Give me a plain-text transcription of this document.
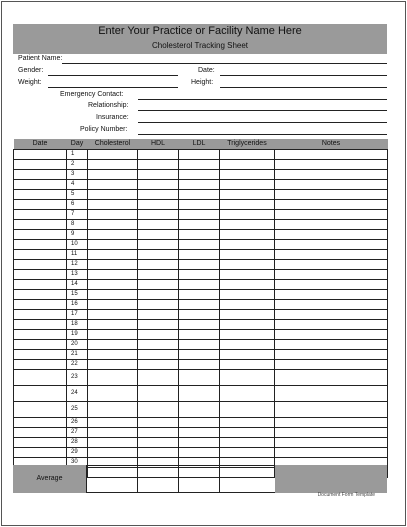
Enter Your Practice or Facility Name Here
Cholesterol Tracking Sheet
Patient Name:
Gender:	Date:
Weight:	Height:
Emergency Contact:
Relationship:
Insurance:
Policy Number:
Date	Day	Cholesterol	HDL	LDL	Triglycerides	Notes
	1					
	2					
	3					
	4					
	5					
	6					
	7					
	8					
	9					
	10					
	11					
	12					
	13					
	14					
	15					
	16					
	17					
	18					
	19					
	20					
	21					
	22					
	23					
	24					
	25					
	26					
	27					
	28					
	29					
	30					

Average
Document Form Template
